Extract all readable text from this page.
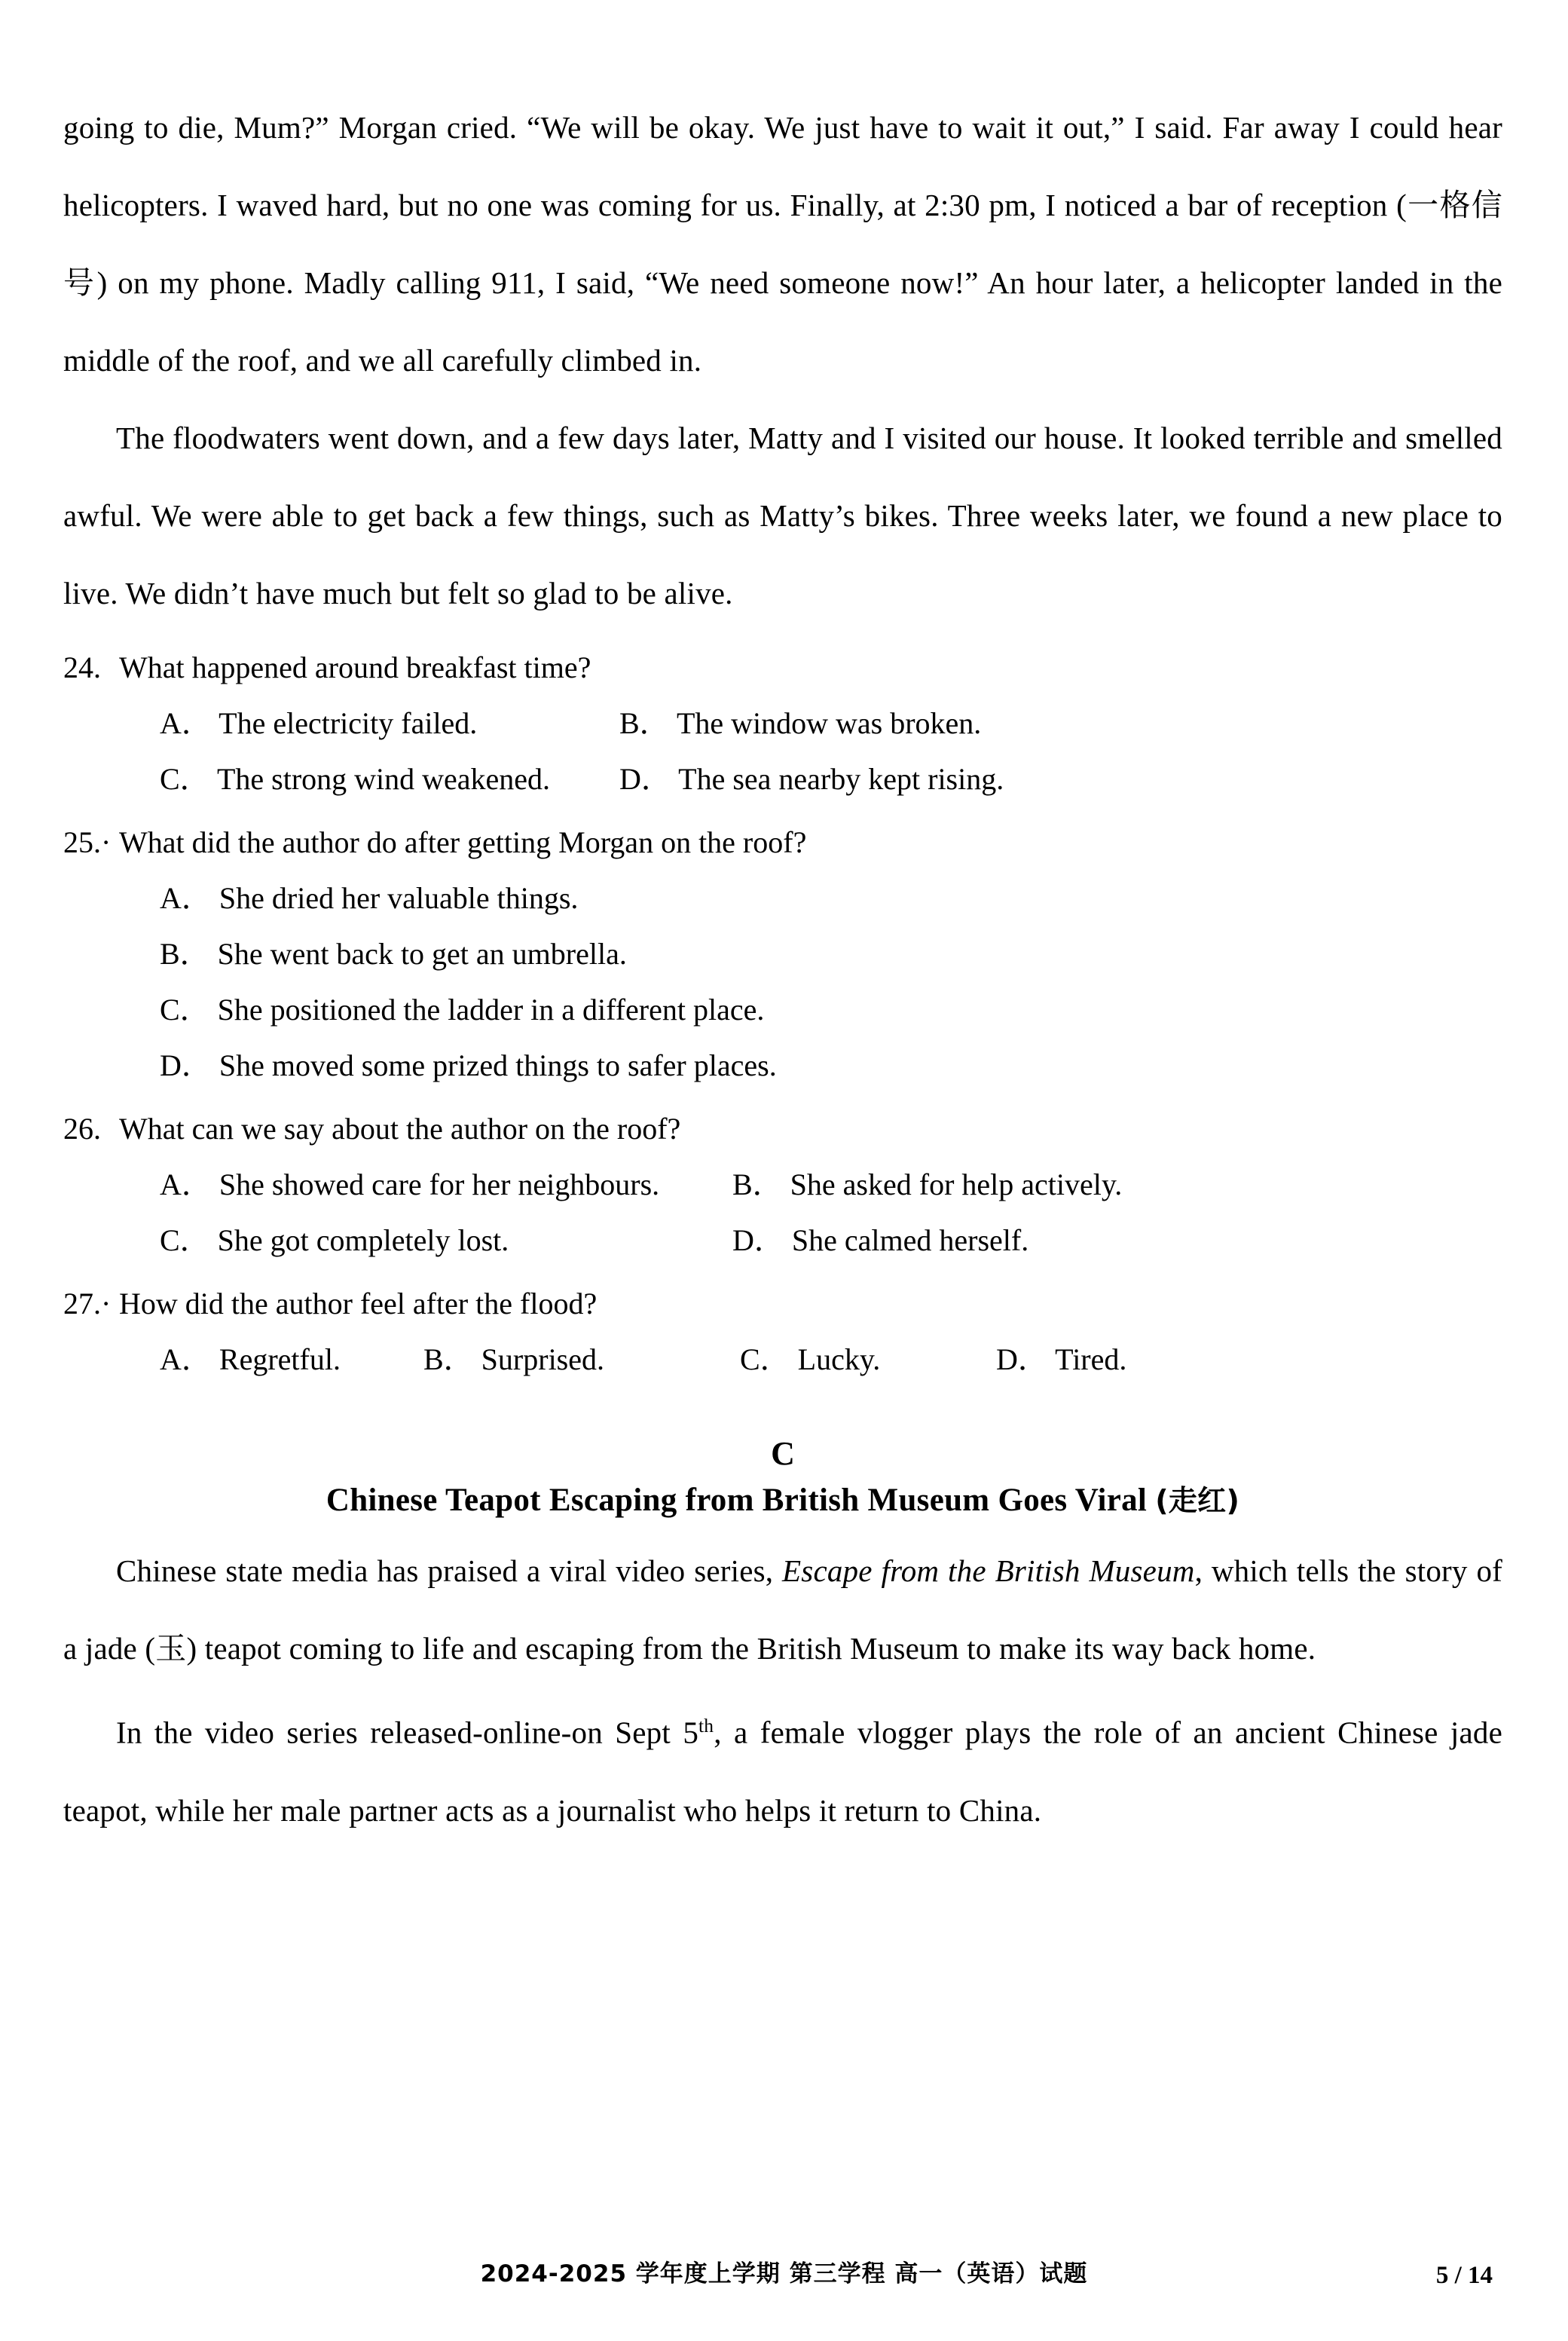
going to die, Mum?” Morgan cried. “We will be okay. We just have to wait it out,” I said. Far away I could hear helicopters. I waved hard, but no one was coming for us. Finally, at 2:30 pm, I noticed a bar of reception (一格信号) on my phone. Madly calling 911, I said, “We need someone now!” An hour later, a helicopter landed in the middle of the roof, and we all carefully climbed in.

The floodwaters went down, and a few days later, Matty and I visited our house. It looked terrible and smelled awful. We were able to get back a few things, such as Matty’s bikes. Three weeks later, we found a new place to live. We didn’t have much but felt so glad to be alive.

24. What happened around breakfast time?
A． The electricity failed.	B． The window was broken.
C． The strong wind weakened.	D． The sea nearby kept rising.
25.· What did the author do after getting Morgan on the roof?
A． She dried her valuable things.
B． She went back to get an umbrella.
C． She positioned the ladder in a different place.
D． She moved some prized things to safer places.
26. What can we say about the author on the roof?
A． She showed care for her neighbours.	B． She asked for help actively.
C． She got completely lost.	D． She calmed herself.
27.· How did the author feel after the flood?
A． Regretful.	B． Surprised.	C． Lucky.	D． Tired.
C
Chinese Teapot Escaping from British Museum Goes Viral (走红)

Chinese state media has praised a viral video series, Escape from the British Museum, which tells the story of a jade (玉) teapot coming to life and escaping from the British Museum to make its way back home.

In the video series released-online-on Sept 5th, a female vlogger plays the role of an ancient Chinese jade teapot, while her male partner acts as a journalist who helps it return to China.

2024-2025 学年度上学期 第三学程 高一（英语）试题	5 / 14
